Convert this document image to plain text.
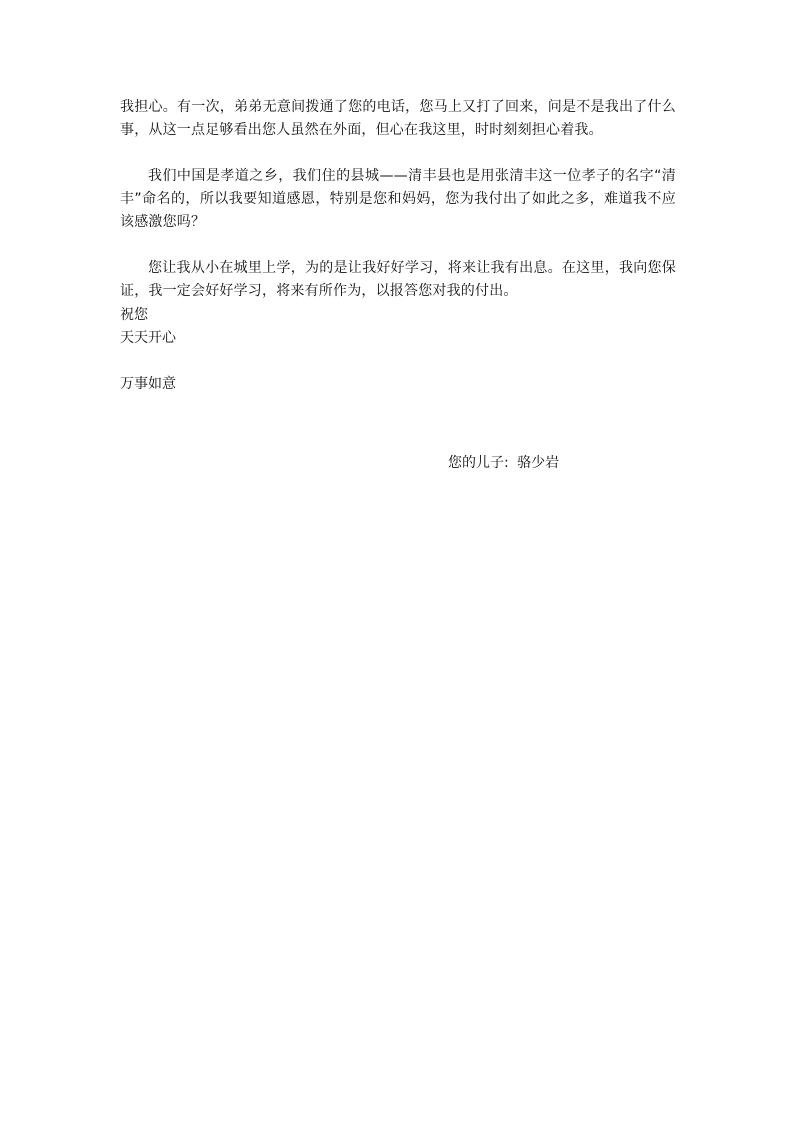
我担心。有一次，弟弟无意间拨通了您的电话，您马上又打了回来，问是不是我出了什么事，从这一点足够看出您人虽然在外面，但心在我这里，时时刻刻担心着我。

我们中国是孝道之乡，我们住的县城——清丰县也是用张清丰这一位孝子的名字“清丰”命名的，所以我要知道感恩，特别是您和妈妈，您为我付出了如此之多，难道我不应该感激您吗？

您让我从小在城里上学，为的是让我好好学习，将来让我有出息。在这里，我向您保证，我一定会好好学习，将来有所作为，以报答您对我的付出。

祝您
天天开心
万事如意
您的儿子: 骆少岩
